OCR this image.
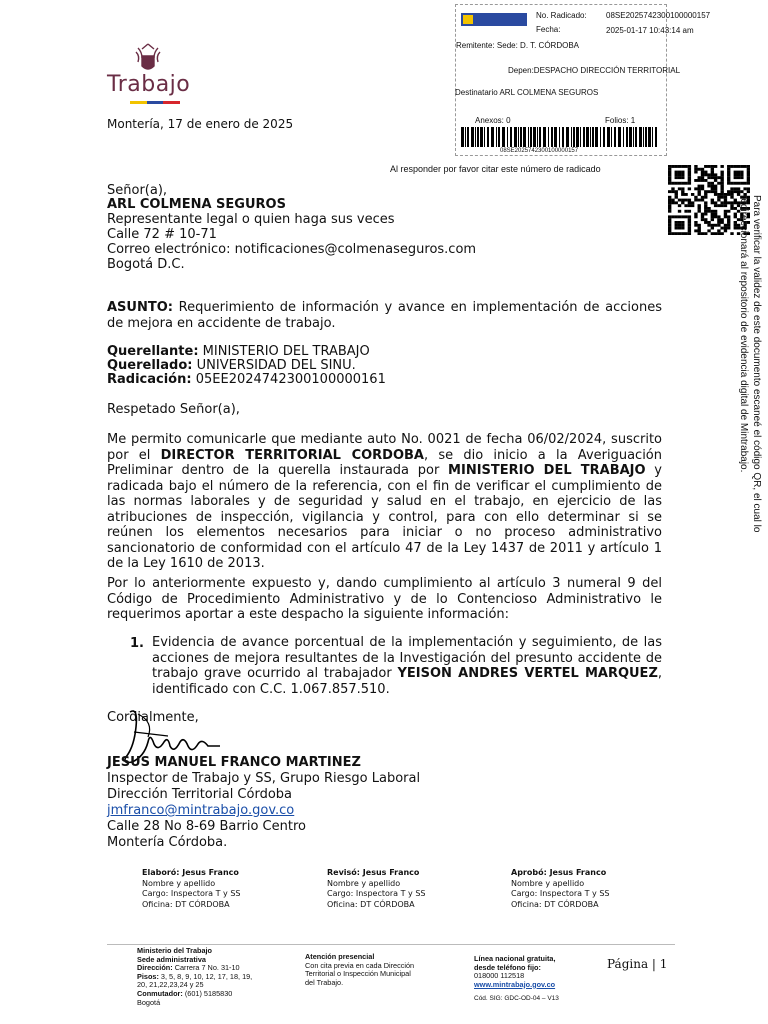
Trabajo
Montería, 17 de enero de 2025
No. Radicado: 08SE2025742300100000157
Fecha:	2025-01-17 10:43:14 am
Remitente: Sede: D. T. CÓRDOBA
Depen:DESPACHO DIRECCIÓN TERRITORIAL
Destinatario ARL COLMENA SEGUROS
Anexos: 0	Folios: 1
08SE2025742300100000157
Al responder por favor citar este número de radicado
Para verificar la validez de este documento escaneé el código QR, el cual lo redireccionará al repositorio de evidencia digital de Mintrabajo.
Señor(a),
ARL COLMENA SEGUROS
Representante legal o quien haga sus veces
Calle 72 # 10-71
Correo electrónico: notificaciones@colmenaseguros.com
Bogotá D.C.
ASUNTO: Requerimiento de información y avance en implementación de acciones de mejora en accidente de trabajo.
Querellante: MINISTERIO DEL TRABAJO
Querellado: UNIVERSIDAD DEL SINU.
Radicación: 05EE2024742300100000161
Respetado Señor(a),
Me permito comunicarle que mediante auto No. 0021 de fecha 06/02/2024, suscrito por el DIRECTOR TERRITORIAL CORDOBA, se dio inicio a la Averiguación Preliminar dentro de la querella instaurada por MINISTERIO DEL TRABAJO y radicada bajo el número de la referencia, con el fin de verificar el cumplimiento de las normas laborales y de seguridad y salud en el trabajo, en ejercicio de las atribuciones de inspección, vigilancia y control, para con ello determinar si se reúnen los elementos necesarios para iniciar o no proceso administrativo sancionatorio de conformidad con el artículo 47 de la Ley 1437 de 2011 y artículo 1 de la Ley 1610 de 2013.
Por lo anteriormente expuesto y, dando cumplimiento al artículo 3 numeral 9 del Código de Procedimiento Administrativo y de lo Contencioso Administrativo le requerimos aportar a este despacho la siguiente información:
1. Evidencia de avance porcentual de la implementación y seguimiento, de las acciones de mejora resultantes de la Investigación del presunto accidente de trabajo grave ocurrido al trabajador YEISON ANDRES VERTEL MARQUEZ, identificado con C.C. 1.067.857.510.
Cordialmente,
JESUS MANUEL FRANCO MARTINEZ
Inspector de Trabajo y SS, Grupo Riesgo Laboral
Dirección Territorial Córdoba
jmfranco@mintrabajo.gov.co
Calle 28 No 8-69 Barrio Centro
Montería Córdoba.
Elaboró: Jesus Franco
Nombre y apellido
Cargo: Inspectora T y SS
Oficina: DT CÓRDOBA
Revisó: Jesus Franco
Nombre y apellido
Cargo: Inspectora T y SS
Oficina: DT CÓRDOBA
Aprobó: Jesus Franco
Nombre y apellido
Cargo: Inspectora T y SS
Oficina: DT CÓRDOBA
Ministerio del Trabajo
Sede administrativa
Dirección: Carrera 7 No. 31-10
Pisos: 3, 5, 8, 9, 10, 12, 17, 18, 19,
20, 21,22,23,24 y 25
Conmutador: (601) 5185830
Bogotá
Atención presencial
Con cita previa en cada Dirección
Territorial o Inspección Municipal
del Trabajo.
Línea nacional gratuita,
desde teléfono fijo:
018000 112518
www.mintrabajo.gov.co
Cód. SIG: GDC-OD-04 – V13
Página | 1
